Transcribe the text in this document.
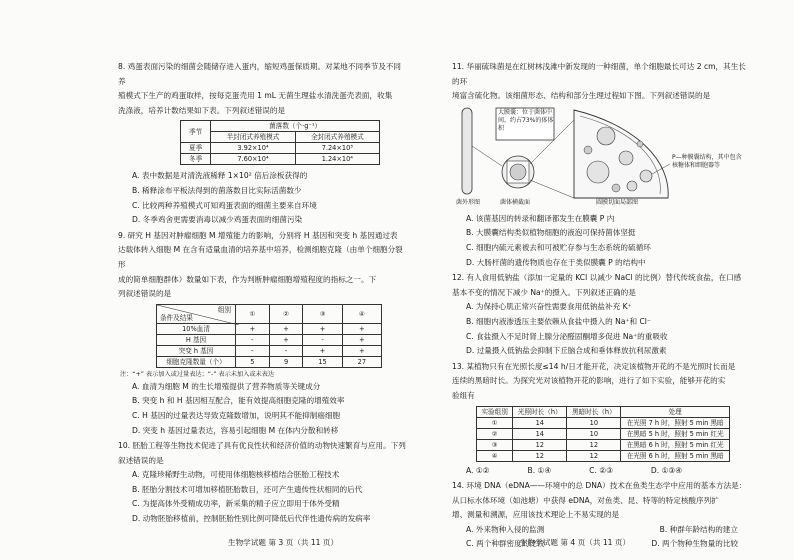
8. 鸡蛋表面污染的细菌会随储存进入蛋内，缩短鸡蛋保质期。对某地不同季节及不同养

殖模式下生产的鸡蛋取样，按每克蛋壳用 1 mL 无菌生理盐水清洗蛋壳表面，收集

洗涤液，培养计数结果如下表。下列叙述错误的是

季节	菌落数（个·g⁻¹）	
	半封闭式养殖模式	全封闭式养殖模式
夏季	3.92×10⁴	7.24×10³
冬季	7.60×10⁴	1.24×10⁴

A. 表中数据是对清洗液稀释 1×10² 倍后涂板获得的

B. 稀释涂布平板法得到的菌落数目比实际活菌数少

C. 比较两种养殖模式可知鸡蛋表面的细菌主要来自环境

D. 冬季鸡舍更需要消毒以减少鸡蛋表面的细菌污染

9. 研究 H 基因对肿瘤细胞 M 增殖能力的影响，分别将 H 基因和突变 h 基因通过表

达载体转入细胞 M 在含有适量血清的培养基中培养，检测细胞克隆（由单个细胞分裂形

成的简单细胞群体）数量如下表，作为判断肿瘤细胞增殖程度的指标之一。下

列叙述错误的是

组别
条件及结果	①	②	③	④
10%血清	+	+	+	+
H 基因	-	+	-	+
突变 h 基因	-	-	+	+
细胞克隆数量（个）	5	9	15	27

注：“+” 表示加入或过量表达；“-” 表示未加入或未表达

A. 血清为细胞 M 的生长增殖提供了营养物质等关键成分

B. 突变 h 和 H 基因相互配合，能有效提高细胞克隆的增殖效率

C. H 基因的过量表达导致克隆数增加，说明其不能抑制癌细胞

D. 突变 h 基因过量表达，容易引起细胞 M 在体内分散和转移

10. 胚胎工程等生物技术促进了具有优良性状和经济价值的动物快速繁育与应用。下列

叙述错误的是

A. 克隆珍稀野生动物，可使用体细胞核移植结合胚胎工程技术

B. 胚胎分割技术可增加移植胚胎数目，还可产生遗传性状相同的后代

C. 为提高体外受精成功率，新采集的精子应立即用于体外受精

D. 动物胚胎移植前，控制胚胎性别比例可降低后代伴性遗传病的发病率

11. 华丽硫珠菌是在红树林浅滩中新发现的一种细菌，单个细胞最长可达 2 cm，其生长的环

境富含硫化物。该细菌形态、结构和部分生理过程如下图。下列叙述错误的是

大膜囊：位于菌体中间，约占73%的体体积
P—种膜囊结构，其中包含核糖体和细胞器等
菌外形图	菌体横截面	圆膜切面局部图

A. 该菌基因的转录和翻译都发生在膜囊 P 内

B. 大膜囊结构类似植物细胞的液泡可保持菌体坚挺

C. 细胞内硫元素被去和可被贮存参与生态系统的硫循环

D. 大肠杆菌的遗传物质也存在于类似膜囊 P 的结构中

12. 有人食用低钠盐（添加一定量的 KCl 以减少 NaCl 的比例）替代传统食盐，在口感

基本不变的情况下减少 Na⁺的摄入。下列叙述正确的是

A. 为保持心肌正常兴奋性需要食用低钠盐补充 K⁺

B. 细胞内液渗透压主要依赖从食盐中摄入的 Na⁺和 Cl⁻

C. 食盐摄入不足时肾上腺分泌醛固酮增多促进 Na⁺的重吸收

D. 过量摄入低钠盐会抑制下丘脑合成和垂体释放抗利尿激素

13. 某植物只有在光照长度≤14 h/日才能开花，决定该植物开花的不是光照时长而是

连续的黑暗时长。为探究光对该植物开花的影响，进行了如下实验，能够开花的实

验组有

实验组别	光照时长（h）	黑暗时长（h）	处理
①	14	10	在光照 7 h 时，照射 5 min 黑暗
②	14	10	在黑暗 5 h 时，照射 5 min 红光
③	12	12	在黑暗 6 h 时，照射 5 min 红光
④	12	12	在光照 6 h 时，照射 5 min 黑暗
A. ①②	B. ①④	C. ②③	D. ①③④

14. 环境 DNA（eDNA——环境中的总 DNA）技术在鱼类生态学中应用的基本方法是：

从口标水体环境（如池塘）中获得 eDNA，对鱼类、昆、特等的特定核酸序列扩

增、测量和溯源，应用该技术理论上不易实现的是

A. 外来物种入侵的监测	B. 种群年龄结构的建立
C. 两个种群密度的比较	D. 两个物种生物量的比较
生物学试题 第 3 页（共 11 页）	生物学试题 第 4 页（共 11 页）
